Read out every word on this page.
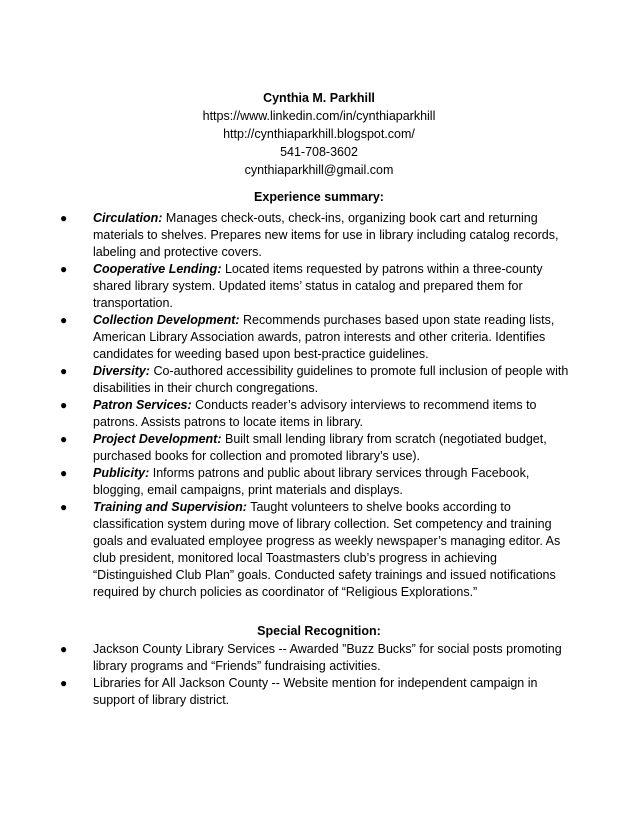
Cynthia M. Parkhill
https://www.linkedin.com/in/cynthiaparkhill
http://cynthiaparkhill.blogspot.com/
541-708-3602
cynthiaparkhill@gmail.com
Experience summary:
● Circulation: Manages check-outs, check-ins, organizing book cart and returning materials to shelves. Prepares new items for use in library including catalog records, labeling and protective covers.
● Cooperative Lending: Located items requested by patrons within a three-county shared library system. Updated items’ status in catalog and prepared them for transportation.
● Collection Development: Recommends purchases based upon state reading lists, American Library Association awards, patron interests and other criteria. Identifies candidates for weeding based upon best-practice guidelines.
● Diversity: Co-authored accessibility guidelines to promote full inclusion of people with disabilities in their church congregations.
● Patron Services: Conducts reader’s advisory interviews to recommend items to patrons. Assists patrons to locate items in library.
● Project Development: Built small lending library from scratch (negotiated budget, purchased books for collection and promoted library’s use).
● Publicity: Informs patrons and public about library services through Facebook, blogging, email campaigns, print materials and displays.
● Training and Supervision: Taught volunteers to shelve books according to classification system during move of library collection. Set competency and training goals and evaluated employee progress as weekly newspaper’s managing editor. As club president, monitored local Toastmasters club’s progress in achieving “Distinguished Club Plan” goals. Conducted safety trainings and issued notifications required by church policies as coordinator of “Religious Explorations.”
Special Recognition:
● Jackson County Library Services -- Awarded ”Buzz Bucks” for social posts promoting library programs and “Friends” fundraising activities.
● Libraries for All Jackson County -- Website mention for independent campaign in support of library district.
